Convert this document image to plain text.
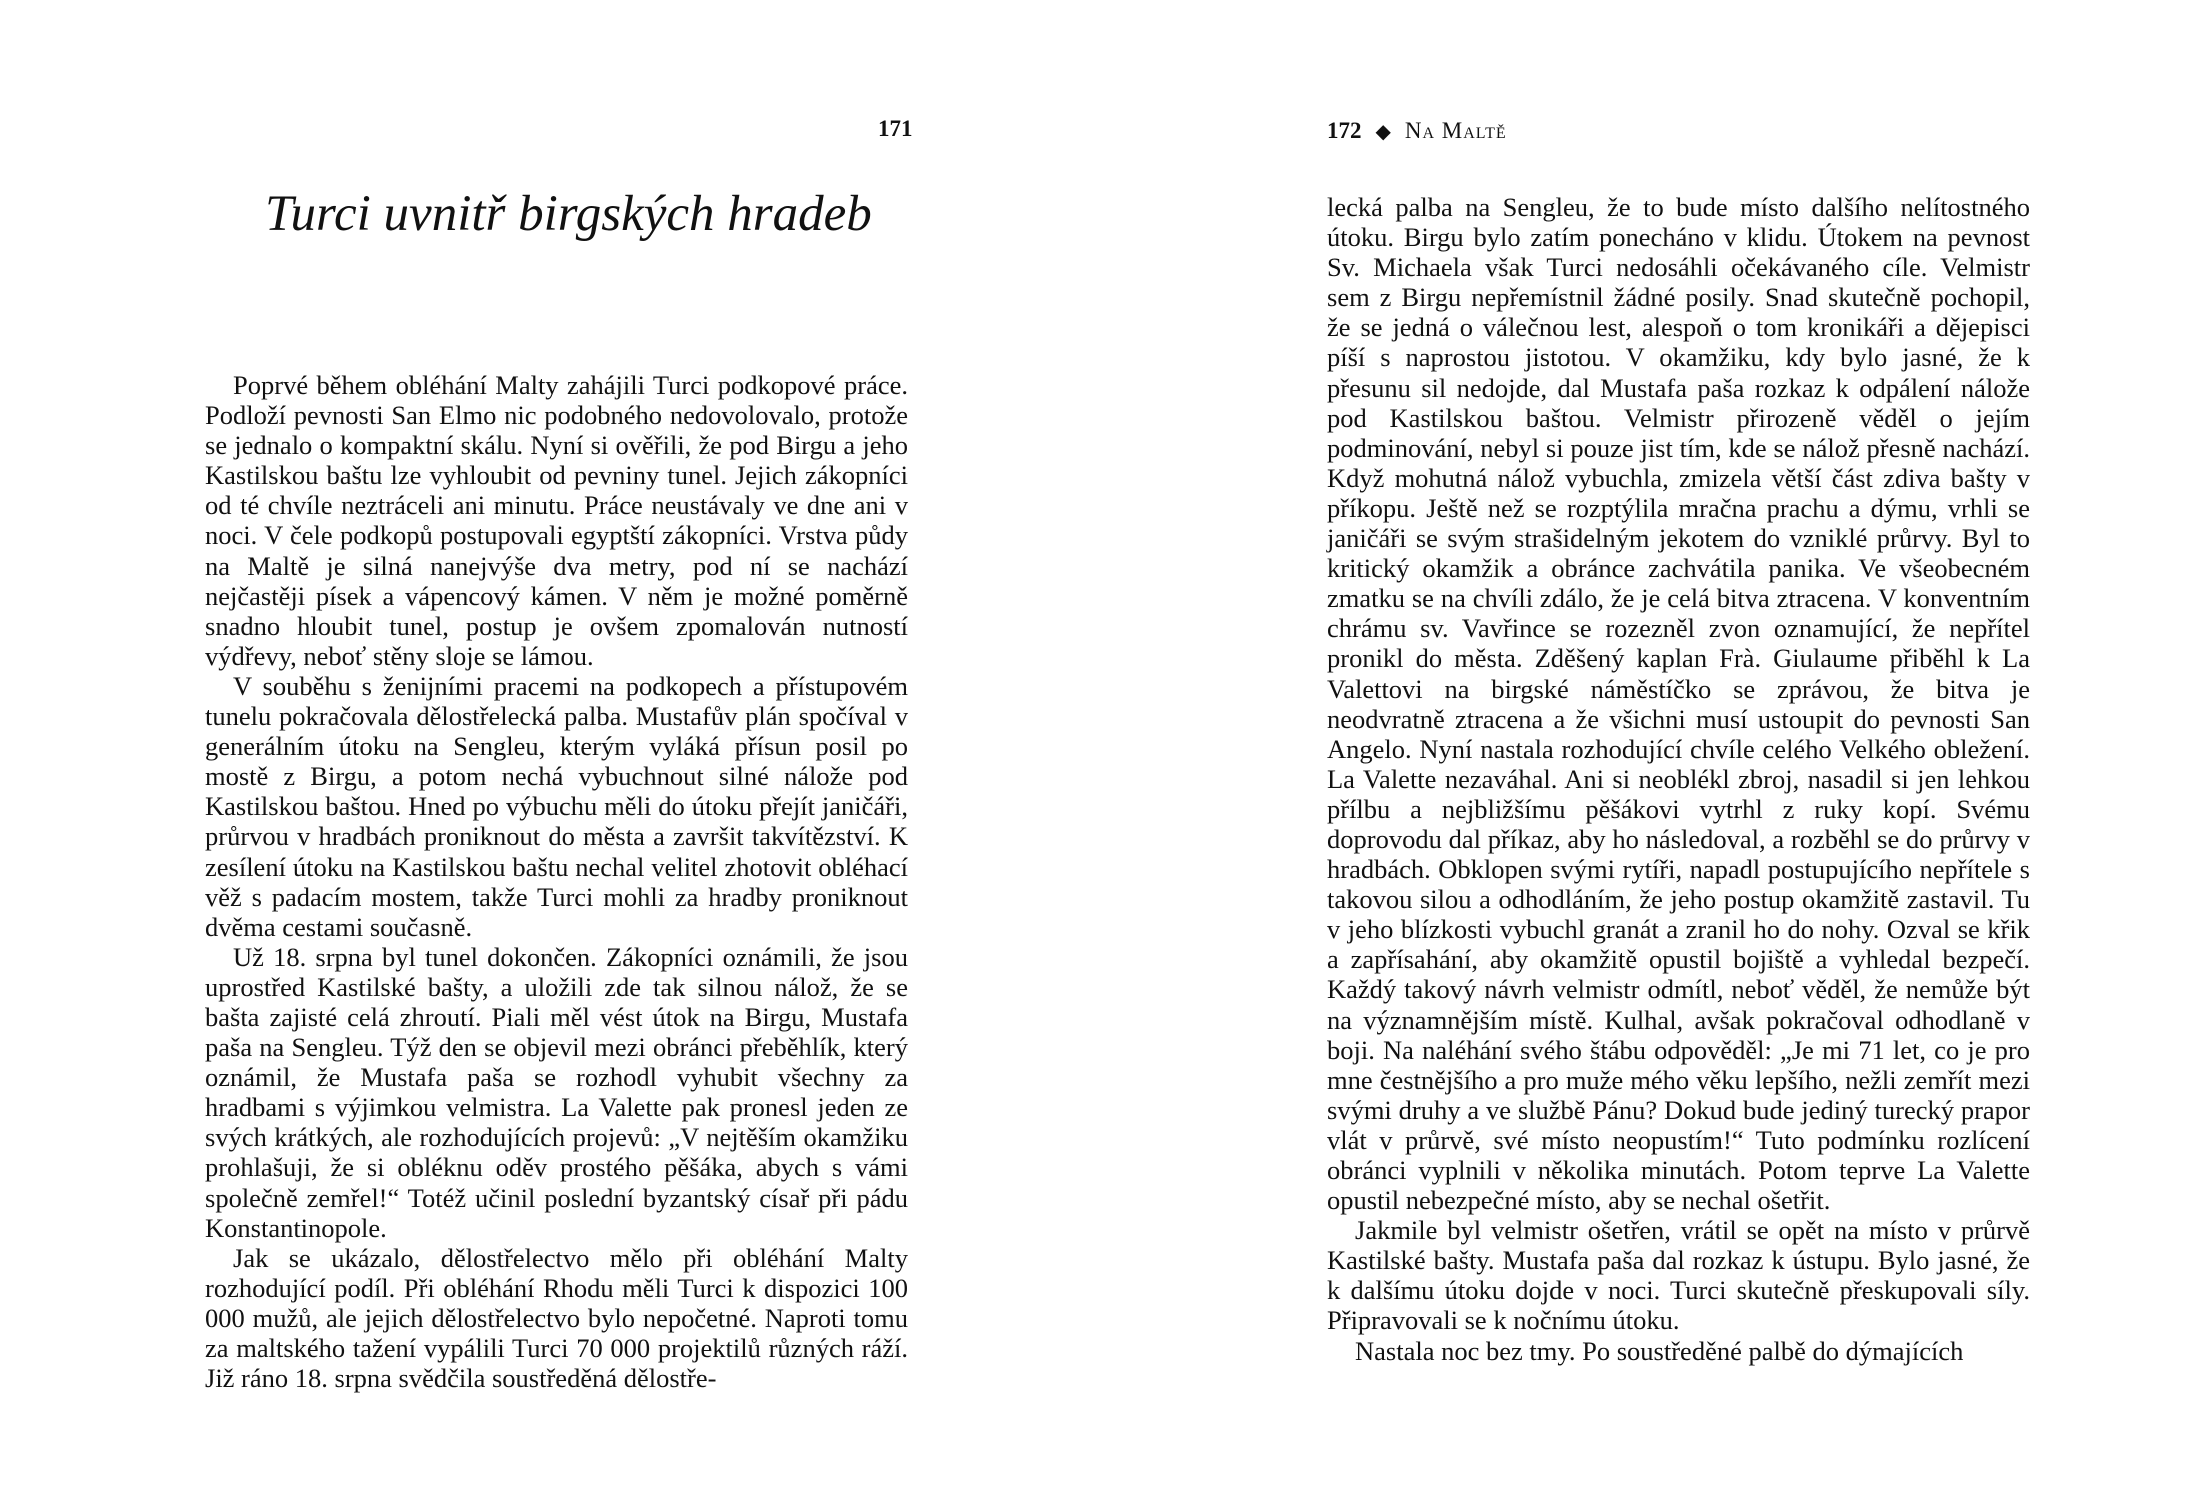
171
Turci uvnitř birgských hradeb

Poprvé během obléhání Malty zahájili Turci podkopové práce. Podloží pevnosti San Elmo nic podobného nedovolovalo, protože se jednalo o kompaktní skálu. Nyní si ověřili, že pod Birgu a jeho Kastilskou baštu lze vyhloubit od pevniny tunel. Jejich zákopníci od té chvíle neztráceli ani minutu. Práce neustávaly ve dne ani v noci. V čele podkopů postupovali egyptští zákopníci. Vrstva půdy na Maltě je silná nanejvýše dva metry, pod ní se nachází nejčastěji písek a vápencový kámen. V něm je možné poměrně snadno hloubit tunel, postup je ovšem zpomalován nutností výdřevy, neboť stěny sloje se lámou.

V souběhu s ženijními pracemi na podkopech a přístupovém tunelu pokračovala dělostřelecká palba. Mustafův plán spočíval v generálním útoku na Sengleu, kterým vyláká přísun posil po mostě z Birgu, a potom nechá vybuchnout silné nálože pod Kastilskou baštou. Hned po výbuchu měli do útoku přejít janičáři, průrvou v hradbách proniknout do města a završit takvítězství. K zesílení útoku na Kastilskou baštu nechal velitel zhotovit obléhací věž s padacím mostem, takže Turci mohli za hradby proniknout dvěma cestami současně.

Už 18. srpna byl tunel dokončen. Zákopníci oznámili, že jsou uprostřed Kastilské bašty, a uložili zde tak silnou nálož, že se bašta zajisté celá zhroutí. Piali měl vést útok na Birgu, Mustafa paša na Sengleu. Týž den se objevil mezi obránci přeběhlík, který oznámil, že Mustafa paša se rozhodl vyhubit všechny za hradbami s výjimkou velmistra. La Valette pak pronesl jeden ze svých krátkých, ale rozhodujících projevů: „V nejtěším okamžiku prohlašuji, že si obléknu oděv prostého pěšáka, abych s vámi společně zemřel!“ Totéž učinil poslední byzantský císař při pádu Konstantinopole.

Jak se ukázalo, dělostřelectvo mělo při obléhání Malty rozhodující podíl. Při obléhání Rhodu měli Turci k dispozici 100 000 mužů, ale jejich dělostřelectvo bylo nepočetné. Naproti tomu za maltského tažení vypálili Turci 70 000 projektilů různých ráží. Již ráno 18. srpna svědčila soustředěná dělostře-

172 ◆ Na Maltě

lecká palba na Sengleu, že to bude místo dalšího nelítostného útoku. Birgu bylo zatím ponecháno v klidu. Útokem na pevnost Sv. Michaela však Turci nedosáhli očekávaného cíle. Velmistr sem z Birgu nepřemístnil žádné posily. Snad skutečně pochopil, že se jedná o válečnou lest, alespoň o tom kronikáři a dějepisci píší s naprostou jistotou. V okamžiku, kdy bylo jasné, že k přesunu sil nedojde, dal Mustafa paša rozkaz k odpálení nálože pod Kastilskou baštou. Velmistr přirozeně věděl o jejím podminování, nebyl si pouze jist tím, kde se nálož přesně nachází. Když mohutná nálož vybuchla, zmizela větší část zdiva bašty v příkopu. Ještě než se rozptýlila mračna prachu a dýmu, vrhli se janičáři se svým strašidelným jekotem do vzniklé průrvy. Byl to kritický okamžik a obránce zachvátila panika. Ve všeobecném zmatku se na chvíli zdálo, že je celá bitva ztracena. V konventním chrámu sv. Vavřince se rozezněl zvon oznamující, že nepřítel pronikl do města. Zděšený kaplan Frà. Giulaume přiběhl k La Valettovi na birgské náměstíčko se zprávou, že bitva je neodvratně ztracena a že všichni musí ustoupit do pevnosti San Angelo. Nyní nastala rozhodující chvíle celého Velkého obležení. La Valette nezaváhal. Ani si neoblékl zbroj, nasadil si jen lehkou přílbu a nejbližšímu pěšákovi vytrhl z ruky kopí. Svému doprovodu dal příkaz, aby ho následoval, a rozběhl se do průrvy v hradbách. Obklopen svými rytíři, napadl postupujícího nepřítele s takovou silou a odhodláním, že jeho postup okamžitě zastavil. Tu v jeho blízkosti vybuchl granát a zranil ho do nohy. Ozval se křik a zapřísahání, aby okamžitě opustil bojiště a vyhledal bezpečí. Každý takový návrh velmistr odmítl, neboť věděl, že nemůže být na významnějším místě. Kulhal, avšak pokračoval odhodlaně v boji. Na naléhání svého štábu odpověděl: „Je mi 71 let, co je pro mne čestnějšího a pro muže mého věku lepšího, nežli zemřít mezi svými druhy a ve službě Pánu? Dokud bude jediný turecký prapor vlát v průrvě, své místo neopustím!“ Tuto podmínku rozlícení obránci vyplnili v několika minutách. Potom teprve La Valette opustil nebezpečné místo, aby se nechal ošetřit.

Jakmile byl velmistr ošetřen, vrátil se opět na místo v průrvě Kastilské bašty. Mustafa paša dal rozkaz k ústupu. Bylo jasné, že k dalšímu útoku dojde v noci. Turci skutečně přeskupovali síly. Připravovali se k nočnímu útoku.

Nastala noc bez tmy. Po soustředěné palbě do dýmajících
